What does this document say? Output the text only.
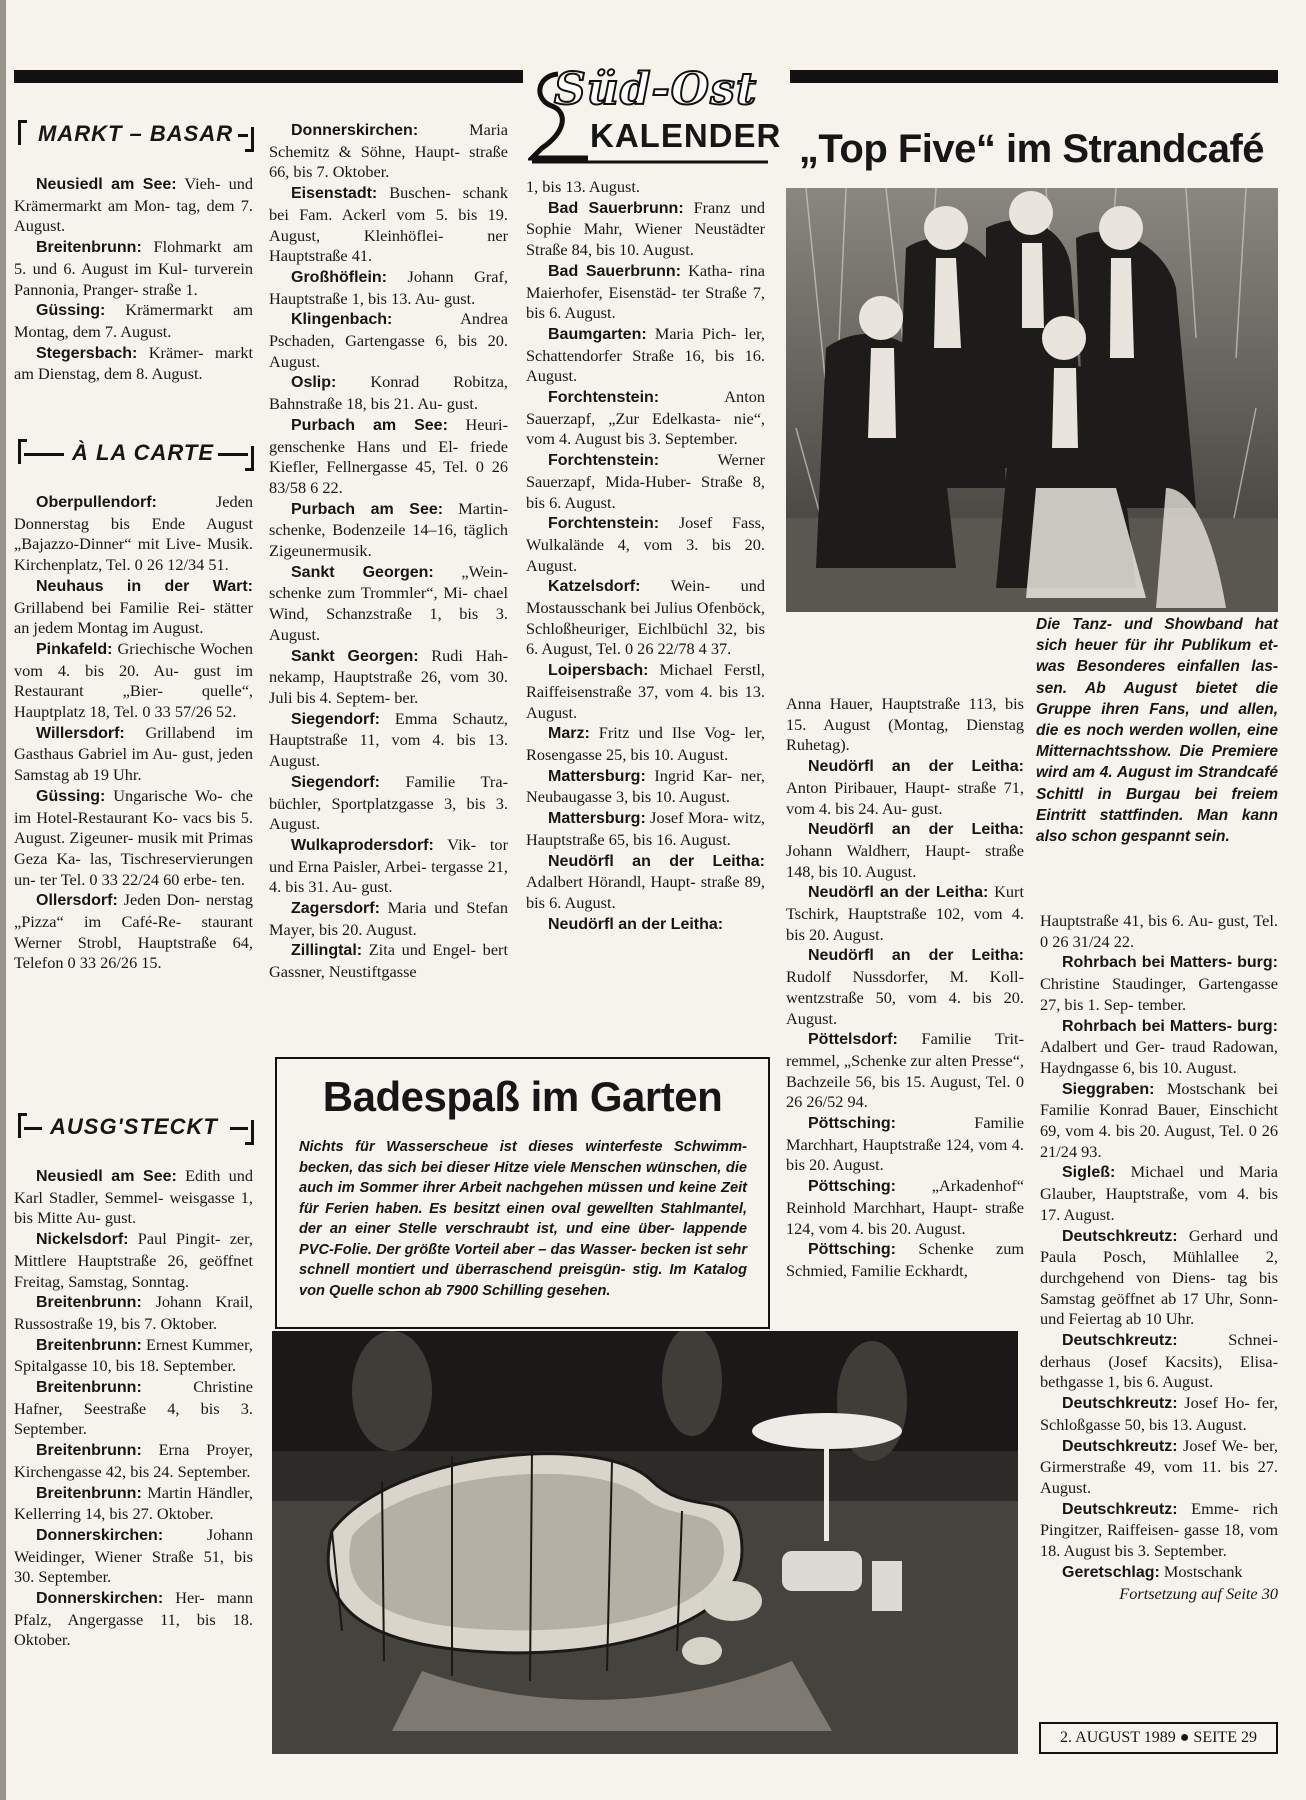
Süd-Ost
KALENDER
MARKT – BASAR

Neusiedl am See: Vieh- und Krämermarkt am Mon- tag, dem 7. August.

Breitenbrunn: Flohmarkt am 5. und 6. August im Kul- turverein Pannonia, Pranger- straße 1.

Güssing: Krämermarkt am Montag, dem 7. August.

Stegersbach: Krämer- markt am Dienstag, dem 8. August.

À LA CARTE

Oberpullendorf: Jeden Donnerstag bis Ende August „Bajazzo-Dinner“ mit Live- Musik. Kirchenplatz, Tel. 0 26 12/34 51.

Neuhaus in der Wart: Grillabend bei Familie Rei- stätter an jedem Montag im August.

Pinkafeld: Griechische Wochen vom 4. bis 20. Au- gust im Restaurant „Bier- quelle“, Hauptplatz 18, Tel. 0 33 57/26 52.

Willersdorf: Grillabend im Gasthaus Gabriel im Au- gust, jeden Samstag ab 19 Uhr.

Güssing: Ungarische Wo- che im Hotel-Restaurant Ko- vacs bis 5. August. Zigeuner- musik mit Primas Geza Ka- las, Tischreservierungen un- ter Tel. 0 33 22/24 60 erbe- ten.

Ollersdorf: Jeden Don- nerstag „Pizza“ im Café-Re- staurant Werner Strobl, Hauptstraße 64, Telefon 0 33 26/26 15.

AUSG'STECKT

Neusiedl am See: Edith und Karl Stadler, Semmel- weisgasse 1, bis Mitte Au- gust.

Nickelsdorf: Paul Pingit- zer, Mittlere Hauptstraße 26, geöffnet Freitag, Samstag, Sonntag.

Breitenbrunn: Johann Krail, Russostraße 19, bis 7. Oktober.

Breitenbrunn: Ernest Kummer, Spitalgasse 10, bis 18. September.

Breitenbrunn: Christine Hafner, Seestraße 4, bis 3. September.

Breitenbrunn: Erna Proyer, Kirchengasse 42, bis 24. September.

Breitenbrunn: Martin Händler, Kellerring 14, bis 27. Oktober.

Donnerskirchen: Johann Weidinger, Wiener Straße 51, bis 30. September.

Donnerskirchen: Her- mann Pfalz, Angergasse 11, bis 18. Oktober.

Donnerskirchen: Maria Schemitz & Söhne, Haupt- straße 66, bis 7. Oktober.

Eisenstadt: Buschen- schank bei Fam. Ackerl vom 5. bis 19. August, Kleinhöflei- ner Hauptstraße 41.

Großhöflein: Johann Graf, Hauptstraße 1, bis 13. Au- gust.

Klingenbach: Andrea Pschaden, Gartengasse 6, bis 20. August.

Oslip: Konrad Robitza, Bahnstraße 18, bis 21. Au- gust.

Purbach am See: Heuri- genschenke Hans und El- friede Kiefler, Fellnergasse 45, Tel. 0 26 83/58 6 22.

Purbach am See: Martin- schenke, Bodenzeile 14–16, täglich Zigeunermusik.

Sankt Georgen: „Wein- schenke zum Trommler“, Mi- chael Wind, Schanzstraße 1, bis 3. August.

Sankt Georgen: Rudi Hah- nekamp, Hauptstraße 26, vom 30. Juli bis 4. Septem- ber.

Siegendorf: Emma Schautz, Hauptstraße 11, vom 4. bis 13. August.

Siegendorf: Familie Tra- büchler, Sportplatzgasse 3, bis 3. August.

Wulkaprodersdorf: Vik- tor und Erna Paisler, Arbei- tergasse 21, 4. bis 31. Au- gust.

Zagersdorf: Maria und Stefan Mayer, bis 20. August.

Zillingtal: Zita und Engel- bert Gassner, Neustiftgasse

1, bis 13. August.

Bad Sauerbrunn: Franz und Sophie Mahr, Wiener Neustädter Straße 84, bis 10. August.

Bad Sauerbrunn: Katha- rina Maierhofer, Eisenstäd- ter Straße 7, bis 6. August.

Baumgarten: Maria Pich- ler, Schattendorfer Straße 16, bis 16. August.

Forchtenstein: Anton Sauerzapf, „Zur Edelkasta- nie“, vom 4. August bis 3. September.

Forchtenstein: Werner Sauerzapf, Mida-Huber- Straße 8, bis 6. August.

Forchtenstein: Josef Fass, Wulkalände 4, vom 3. bis 20. August.

Katzelsdorf: Wein- und Mostausschank bei Julius Ofenböck, Schloßheuriger, Eichlbüchl 32, bis 6. August, Tel. 0 26 22/78 4 37.

Loipersbach: Michael Ferstl, Raiffeisenstraße 37, vom 4. bis 13. August.

Marz: Fritz und Ilse Vog- ler, Rosengasse 25, bis 10. August.

Mattersburg: Ingrid Kar- ner, Neubaugasse 3, bis 10. August.

Mattersburg: Josef Mora- witz, Hauptstraße 65, bis 16. August.

Neudörfl an der Leitha: Adalbert Hörandl, Haupt- straße 89, bis 6. August.

Neudörfl an der Leitha:

„Top Five“ im Strandcafé
Die Tanz- und Showband hat sich heuer für ihr Publikum et- was Besonderes einfallen las- sen. Ab August bietet die Gruppe ihren Fans, und allen, die es noch werden wollen, eine Mitternachtsshow. Die Premiere wird am 4. August im Strandcafé Schittl in Burgau bei freiem Eintritt stattfinden. Man kann also schon gespannt sein.

Anna Hauer, Hauptstraße 113, bis 15. August (Montag, Dienstag Ruhetag).

Neudörfl an der Leitha: Anton Piribauer, Haupt- straße 71, vom 4. bis 24. Au- gust.

Neudörfl an der Leitha: Johann Waldherr, Haupt- straße 148, bis 10. August.

Neudörfl an der Leitha: Kurt Tschirk, Hauptstraße 102, vom 4. bis 20. August.

Neudörfl an der Leitha: Rudolf Nussdorfer, M. Koll- wentzstraße 50, vom 4. bis 20. August.

Pöttelsdorf: Familie Trit- remmel, „Schenke zur alten Presse“, Bachzeile 56, bis 15. August, Tel. 0 26 26/52 94.

Pöttsching: Familie Marchhart, Hauptstraße 124, vom 4. bis 20. August.

Pöttsching: „Arkadenhof“ Reinhold Marchhart, Haupt- straße 124, vom 4. bis 20. August.

Pöttsching: Schenke zum Schmied, Familie Eckhardt,

Hauptstraße 41, bis 6. Au- gust, Tel. 0 26 31/24 22.

Rohrbach bei Matters- burg: Christine Staudinger, Gartengasse 27, bis 1. Sep- tember.

Rohrbach bei Matters- burg: Adalbert und Ger- traud Radowan, Haydngasse 6, bis 10. August.

Sieggraben: Mostschank bei Familie Konrad Bauer, Einschicht 69, vom 4. bis 20. August, Tel. 0 26 21/24 93.

Sigleß: Michael und Maria Glauber, Hauptstraße, vom 4. bis 17. August.

Deutschkreutz: Gerhard und Paula Posch, Mühlallee 2, durchgehend von Diens- tag bis Samstag geöffnet ab 17 Uhr, Sonn- und Feiertag ab 10 Uhr.

Deutschkreutz: Schnei- derhaus (Josef Kacsits), Elisa- bethgasse 1, bis 6. August.

Deutschkreutz: Josef Ho- fer, Schloßgasse 50, bis 13. August.

Deutschkreutz: Josef We- ber, Girmerstraße 49, vom 11. bis 27. August.

Deutschkreutz: Emme- rich Pingitzer, Raiffeisen- gasse 18, vom 18. August bis 3. September.

Geretschlag: Mostschank

Fortsetzung auf Seite 30

Badespaß im Garten
Nichts für Wasserscheue ist dieses winterfeste Schwimm- becken, das sich bei dieser Hitze viele Menschen wünschen, die auch im Sommer ihrer Arbeit nachgehen müssen und keine Zeit für Ferien haben. Es besitzt einen oval gewellten Stahlmantel, der an einer Stelle verschraubt ist, und eine über- lappende PVC-Folie. Der größte Vorteil aber – das Wasser- becken ist sehr schnell montiert und überraschend preisgün- stig. Im Katalog von Quelle schon ab 7900 Schilling gesehen.
2. AUGUST 1989 ● SEITE 29
